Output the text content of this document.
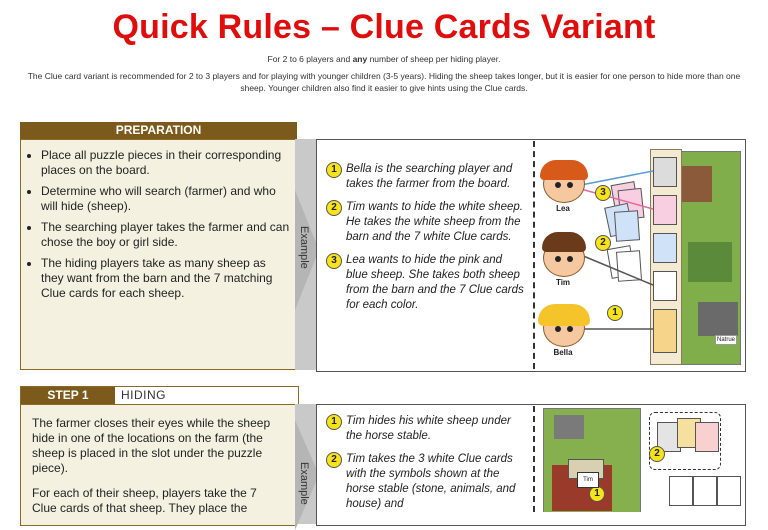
Quick Rules – Clue Cards Variant
For 2 to 6 players and any number of sheep per hiding player.
The Clue card variant is recommended for 2 to 3 players and for playing with younger children (3-5 years). Hiding the sheep takes longer, but it is easier for one person to hide more than one sheep. Younger children also find it easier to give hints using the Clue cards.
PREPARATION
• Place all puzzle pieces in their corresponding places on the board.
• Determine who will search (farmer) and who will hide (sheep).
• The searching player takes the farmer and can chose the boy or girl side.
• The hiding players take as many sheep as they want from the barn and the 7 matching Clue cards for each sheep.
Example
1 Bella is the searching player and takes the farmer from the board.
2 Tim wants to hide the white sheep. He takes the white sheep from the barn and the 7 white Clue cards.
3 Lea wants to hide the pink and blue sheep. She takes both sheep from the barn and the 7 Clue cards for each color.
3
2
1
Lea
Tim
Bella
Natrue
STEP 1	HIDING
The farmer closes their eyes while the sheep hide in one of the locations on the farm (the sheep is placed in the slot under the puzzle piece).
For each of their sheep, players take the 7 Clue cards of that sheep. They place the
Example
1 Tim hides his white sheep under the horse stable.
2 Tim takes the 3 white Clue cards with the symbols shown at the horse stable (stone, animals, and house) and
2
1
Tim
